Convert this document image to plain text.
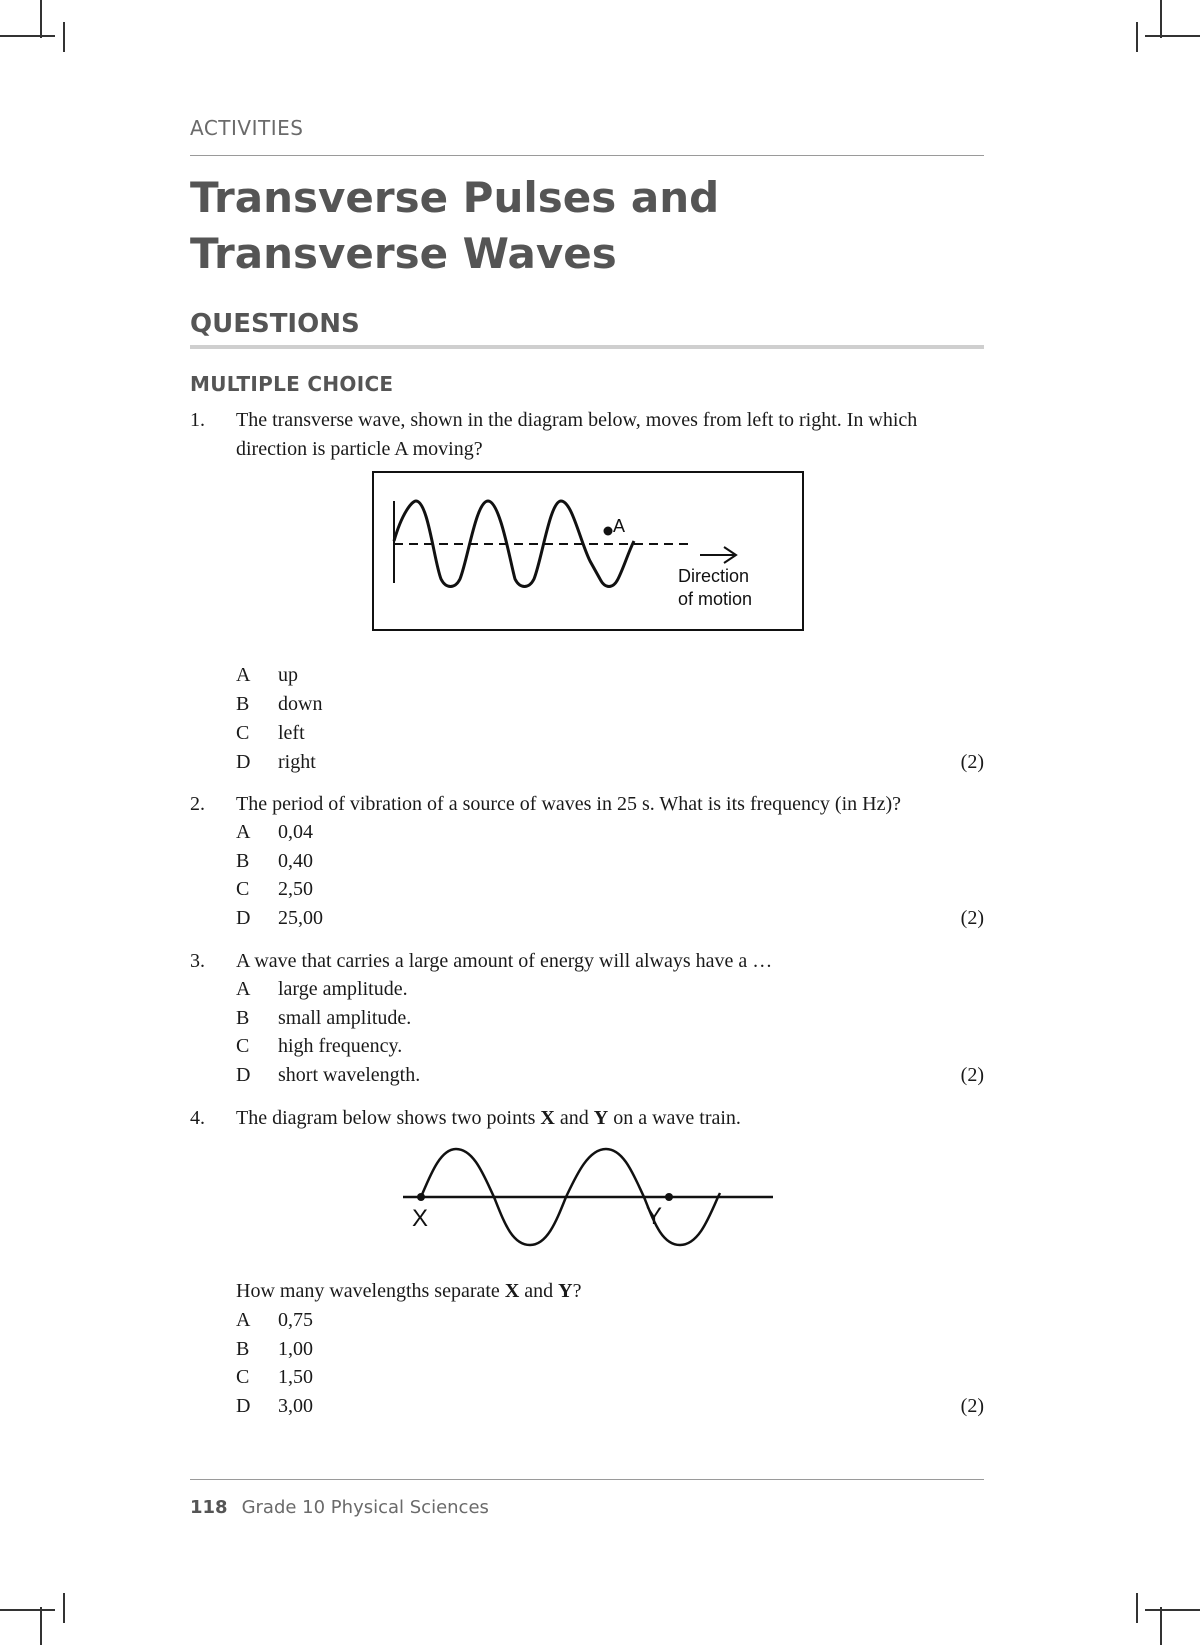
ACTIVITIES
Transverse Pulses and
Transverse Waves
QUESTIONS
MULTIPLE CHOICE
1.	The transverse wave, shown in the diagram below, moves from left to right. In which direction is particle A moving?
A
Direction
of motion
A up
B down
C left
D right	(2)
2.	The period of vibration of a source of waves in 25 s. What is its frequency (in Hz)?
A 0,04
B 0,40
C 2,50
D 25,00	(2)
3.	A wave that carries a large amount of energy will always have a …
A large amplitude.
B small amplitude.
C high frequency.
D short wavelength.	(2)
4.	The diagram below shows two points X and Y on a wave train.
X	Y
How many wavelengths separate X and Y?
A 0,75
B 1,00
C 1,50
D 3,00	(2)
118 Grade 10 Physical Sciences
